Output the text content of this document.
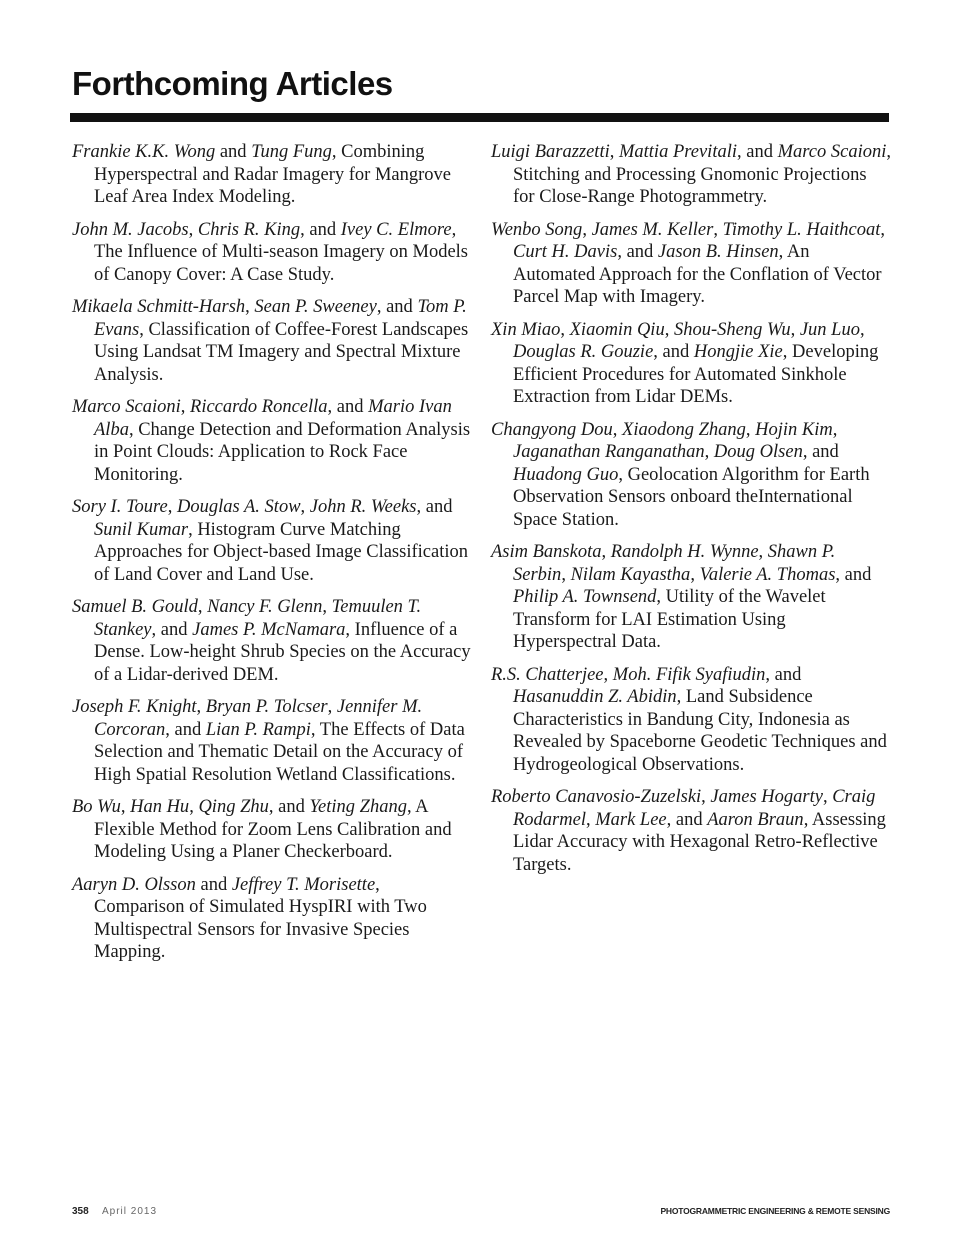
Forthcoming Articles

Frankie K.K. Wong and Tung Fung, Combining Hyperspectral and Radar Imagery for Mangrove Leaf Area Index Modeling.

John M. Jacobs, Chris R. King, and Ivey C. Elmore, The Influence of Multi-season Imagery on Models of Canopy Cover: A Case Study.

Mikaela Schmitt-Harsh, Sean P. Sweeney, and Tom P. Evans, Classification of Coffee-Forest Landscapes Using Landsat TM Imagery and Spectral Mixture Analysis.

Marco Scaioni, Riccardo Roncella, and Mario Ivan Alba, Change Detection and Deformation Analysis in Point Clouds: Application to Rock Face Monitoring.

Sory I. Toure, Douglas A. Stow, John R. Weeks, and Sunil Kumar, Histogram Curve Matching Approaches for Object-based Image Classification of Land Cover and Land Use.

Samuel B. Gould, Nancy F. Glenn, Temuulen T. Stankey, and James P. McNamara, Influence of a Dense. Low-height Shrub Species on the Accuracy of a Lidar-derived DEM.

Joseph F. Knight, Bryan P. Tolcser, Jennifer M. Corcoran, and Lian P. Rampi, The Effects of Data Selection and Thematic Detail on the Accuracy of High Spatial Resolution Wetland Classifications.

Bo Wu, Han Hu, Qing Zhu, and Yeting Zhang, A Flexible Method for Zoom Lens Calibration and Modeling Using a Planer Checkerboard.

Aaryn D. Olsson and Jeffrey T. Morisette, Comparison of Simulated HyspIRI with Two Multispectral Sensors for Invasive Species Mapping.

Luigi Barazzetti, Mattia Previtali, and Marco Scaioni, Stitching and Processing Gnomonic Projections for Close-Range Photogrammetry.

Wenbo Song, James M. Keller, Timothy L. Haithcoat, Curt H. Davis, and Jason B. Hinsen, An Automated Approach for the Conflation of Vector Parcel Map with Imagery.

Xin Miao, Xiaomin Qiu, Shou-Sheng Wu, Jun Luo, Douglas R. Gouzie, and Hongjie Xie, Developing Efficient Procedures for Automated Sinkhole Extraction from Lidar DEMs.

Changyong Dou, Xiaodong Zhang, Hojin Kim, Jaganathan Ranganathan, Doug Olsen, and Huadong Guo, Geolocation Algorithm for Earth Observation Sensors onboard theInternational Space Station.

Asim Banskota, Randolph H. Wynne, Shawn P. Serbin, Nilam Kayastha, Valerie A. Thomas, and Philip A. Townsend, Utility of the Wavelet Transform for LAI Estimation Using Hyperspectral Data.

R.S. Chatterjee, Moh. Fifik Syafiudin, and Hasanuddin Z. Abidin, Land Subsidence Characteristics in Bandung City, Indonesia as Revealed by Spaceborne Geodetic Techniques and Hydrogeological Observations.

Roberto Canavosio-Zuzelski, James Hogarty, Craig Rodarmel, Mark Lee, and Aaron Braun, Assessing Lidar Accuracy with Hexagonal Retro-Reflective Targets.

358 April 2013	PHOTOGRAMMETRIC ENGINEERING & REMOTE SENSING
